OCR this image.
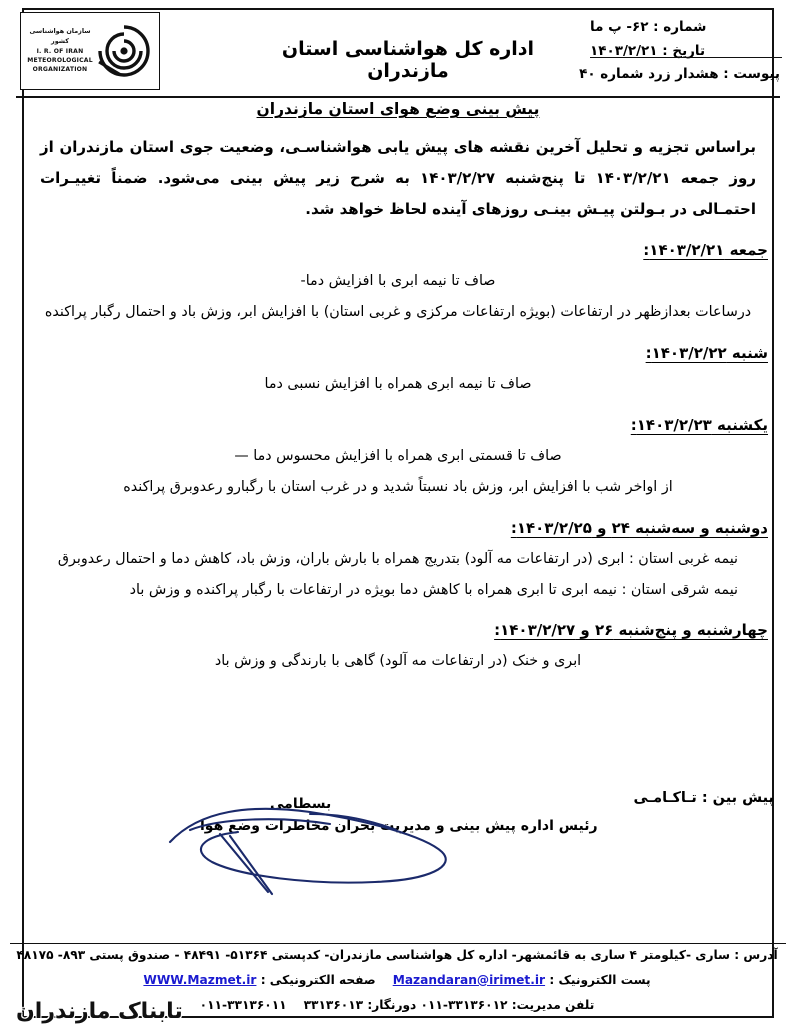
شماره : ۶۲- پ ما
تاریخ : ۱۴۰۳/۲/۲۱
پیوست : هشدار زرد شماره ۴۰
اداره کل هواشناسی استان مازندران
سازمان هواشناسی کشور
I. R. OF IRAN
METEOROLOGICAL
ORGANIZATION
پیش بینی وضع هوای استان مازندران
براساس تجزیه و تحلیل آخرین نقشه های پیش یابی هواشناسـی، وضعیت جوی استان مازندران از روز جمعه ۱۴۰۳/۲/۲۱ تا پنج‌شنبه ۱۴۰۳/۲/۲۷ به شرح زیر پیش بینی می‌شود. ضمناً تغییـرات احتمـالی در بـولتن پیـش بینـی روزهای آینده لحاظ خواهد شد.
جمعه ۱۴۰۳/۲/۲۱:
صاف تا نیمه ابری با افزایش دما-
درساعات بعدازظهر در ارتفاعات (بویژه ارتفاعات مرکزی و غربی استان) با افزایش ابر، وزش باد و احتمال رگبار پراکنده
شنبه ۱۴۰۳/۲/۲۲:
صاف تا نیمه ابری همراه با افزایش نسبی دما
یکشنبه ۱۴۰۳/۲/۲۳:
صاف تا قسمتی ابری همراه با افزایش محسوس دما —
از اواخر شب با افزایش ابر، وزش باد نسبتاً شدید و در غرب استان با رگبارو رعدوبرق پراکنده
دوشنبه و سه‌شنبه ۲۴ و ۱۴۰۳/۲/۲۵:
نیمه غربی استان : ابری (در ارتفاعات مه آلود) بتدریج همراه با بارش باران، وزش باد، کاهش دما و احتمال رعدوبرق
نیمه شرقی استان : نیمه ابری تا ابری همراه با کاهش دما بویژه در ارتفاعات با رگبار پراکنده و وزش باد
چهارشنبه و پنج‌شنبه ۲۶ و ۱۴۰۳/۲/۲۷:
ابری و خنک (در ارتفاعات مه آلود) گاهی با بارندگی و وزش باد
پیش بین : تـاکـامـی
بسطامی
رئیس اداره پیش بینی و مدیریت بحران مخاطرات وضع هوا
آدرس : ساری -کیلومتر ۴ ساری به قائمشهر- اداره کل هواشناسی مازندران- کدپستی ۵۱۳۶۴- ۴۸۴۹۱ - صندوق پستی ۸۹۳- ۴۸۱۷۵
پست الکترونیک : Mazandaran@irimet.ir    صفحه الکترونیکی : WWW.Mazmet.ir
تلفن مدیریت: ۳۳۱۳۶۰۱۲-۰۱۱ دورنگار: ۳۳۱۳۶۰۱۳    ۳۳۱۳۶۰۱۱-۰۱۱
تابناک مازندران
